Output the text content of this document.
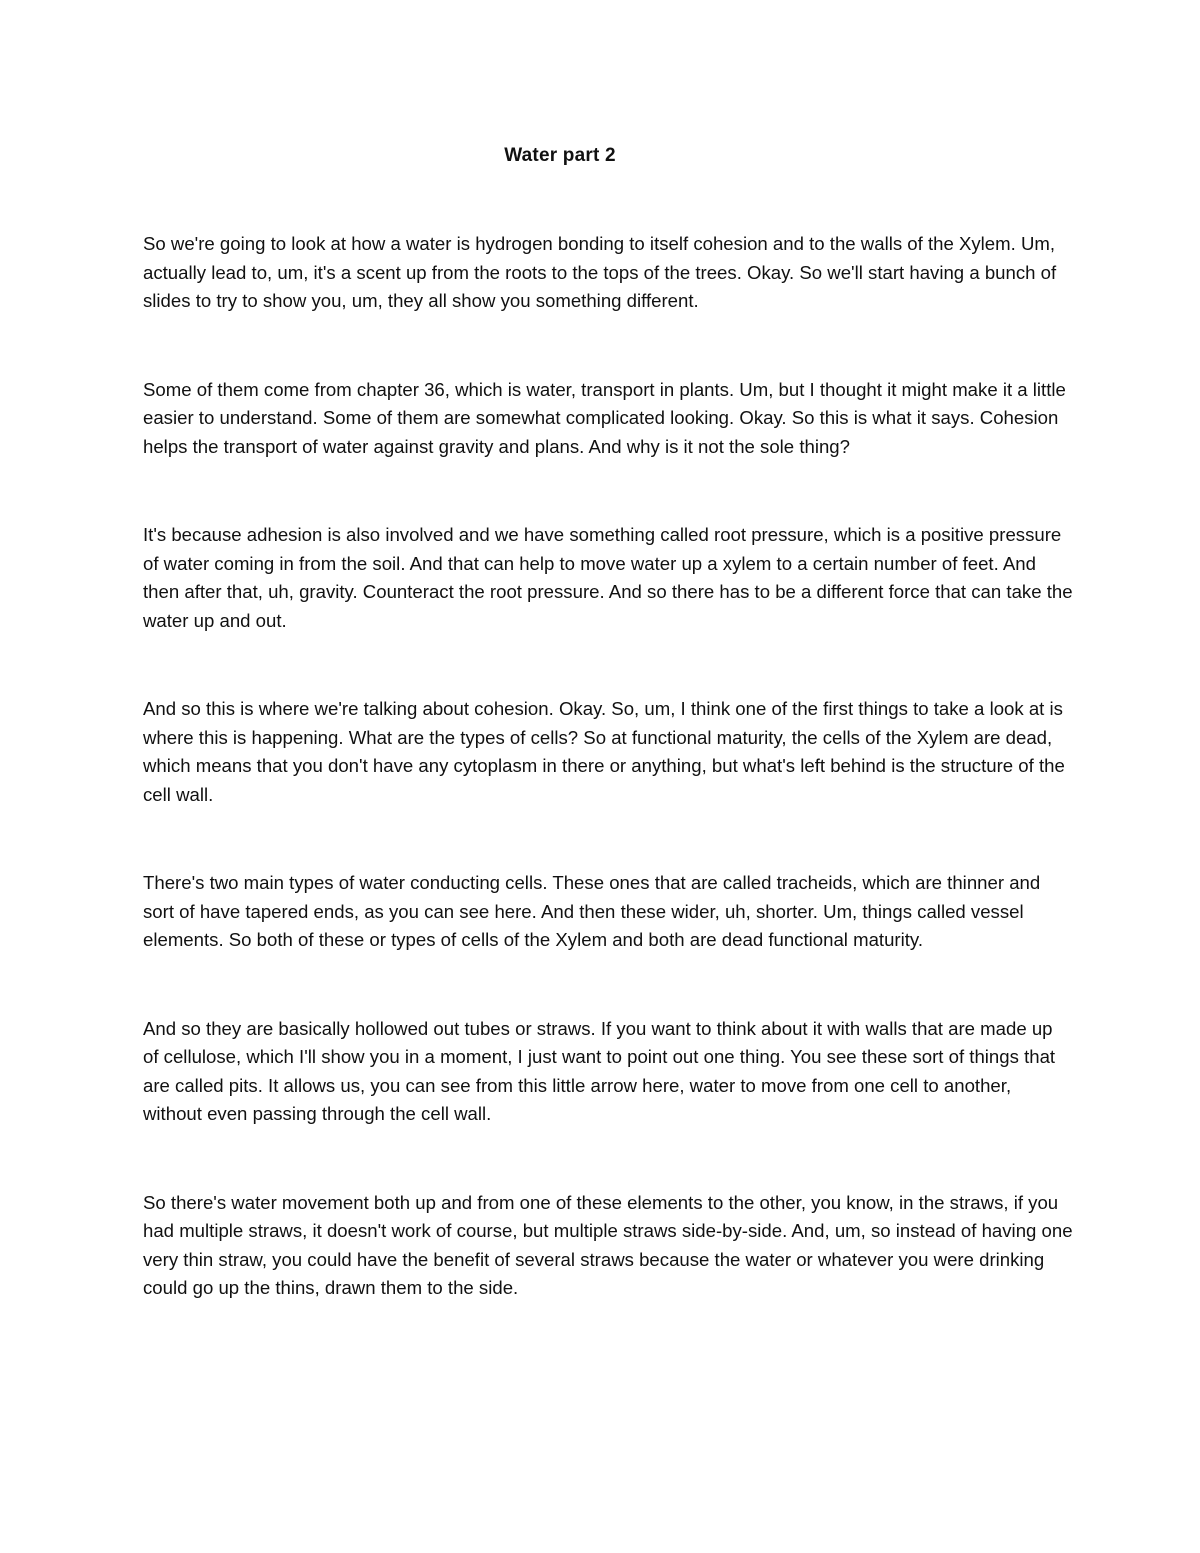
Water part 2

So we're going to look at how a water is hydrogen bonding to itself cohesion and to the walls of the Xylem. Um, actually lead to, um, it's a scent up from the roots to the tops of the trees. Okay. So we'll start having a bunch of slides to try to show you, um, they all show you something different.

Some of them come from chapter 36, which is water, transport in plants. Um, but I thought it might make it a little easier to understand. Some of them are somewhat complicated looking. Okay. So this is what it says. Cohesion helps the transport of water against gravity and plans. And why is it not the sole thing?

It's because adhesion is also involved and we have something called root pressure, which is a positive pressure of water coming in from the soil. And that can help to move water up a xylem to a certain number of feet. And then after that, uh, gravity. Counteract the root pressure. And so there has to be a different force that can take the water up and out.

And so this is where we're talking about cohesion. Okay. So, um, I think one of the first things to take a look at is where this is happening. What are the types of cells? So at functional maturity, the cells of the Xylem are dead, which means that you don't have any cytoplasm in there or anything, but what's left behind is the structure of the cell wall.

There's two main types of water conducting cells. These ones that are called tracheids, which are thinner and sort of have tapered ends, as you can see here. And then these wider, uh, shorter. Um, things called vessel elements. So both of these or types of cells of the Xylem and both are dead functional maturity.

And so they are basically hollowed out tubes or straws. If you want to think about it with walls that are made up of cellulose, which I'll show you in a moment, I just want to point out one thing. You see these sort of things that are called pits. It allows us, you can see from this little arrow here, water to move from one cell to another, without even passing through the cell wall.

So there's water movement both up and from one of these elements to the other, you know, in the straws, if you had multiple straws, it doesn't work of course, but multiple straws side-by-side. And, um, so instead of having one very thin straw, you could have the benefit of several straws because the water or whatever you were drinking could go up the thins, drawn them to the side.
